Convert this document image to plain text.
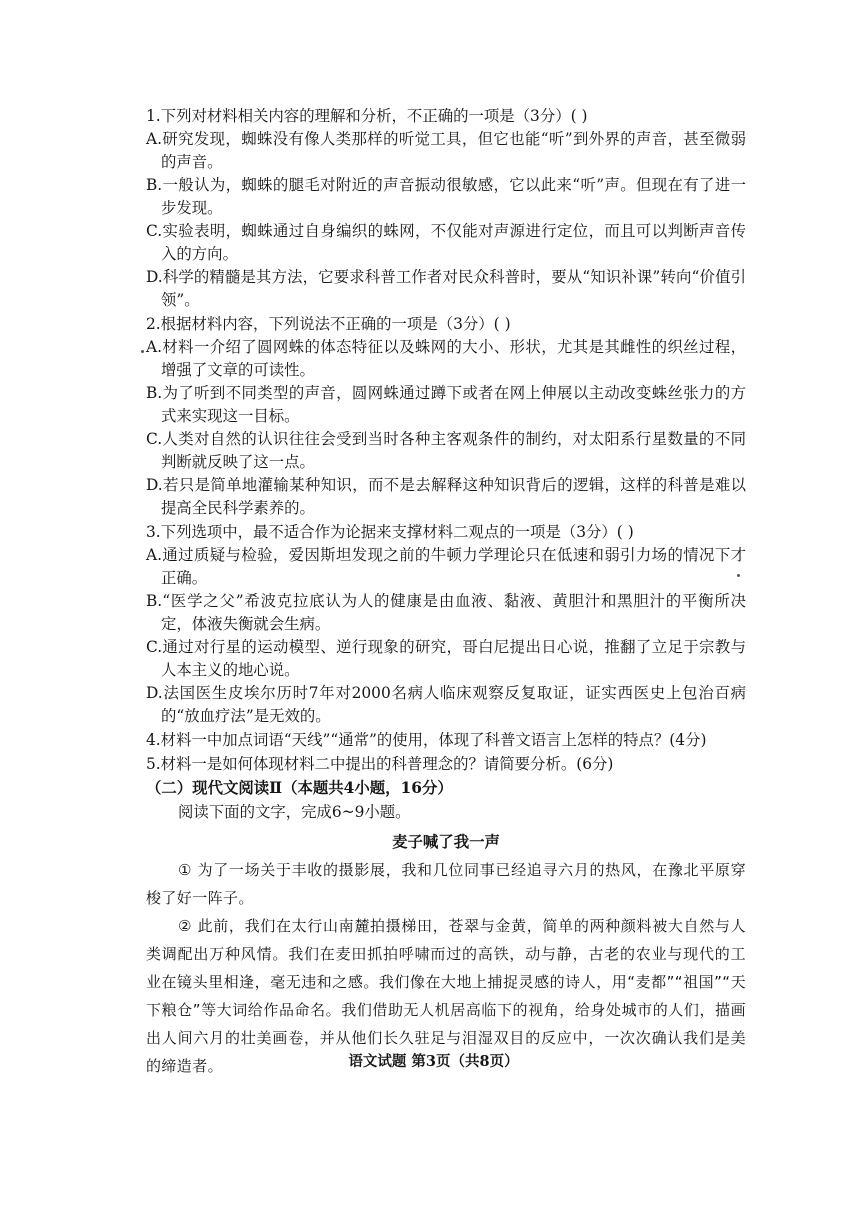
1.下列对材料相关内容的理解和分析，不正确的一项是（3分）( )
A.研究发现，蜘蛛没有像人类那样的听觉工具，但它也能“听”到外界的声音，甚至微弱的声音。
B.一般认为，蜘蛛的腿毛对附近的声音振动很敏感，它以此来“听”声。但现在有了进一步发现。
C.实验表明，蜘蛛通过自身编织的蛛网，不仅能对声源进行定位，而且可以判断声音传入的方向。
D.科学的精髓是其方法，它要求科普工作者对民众科普时，要从“知识补课”转向“价值引领”。
2.根据材料内容，下列说法不正确的一项是（3分）( )
A.材料一介绍了圆网蛛的体态特征以及蛛网的大小、形状，尤其是其雌性的织丝过程，增强了文章的可读性。
B.为了听到不同类型的声音，圆网蛛通过蹲下或者在网上伸展以主动改变蛛丝张力的方式来实现这一目标。
C.人类对自然的认识往往会受到当时各种主客观条件的制约，对太阳系行星数量的不同判断就反映了这一点。
D.若只是简单地灌输某种知识，而不是去解释这种知识背后的逻辑，这样的科普是难以提高全民科学素养的。
3.下列选项中，最不适合作为论据来支撑材料二观点的一项是（3分）( )
A.通过质疑与检验，爱因斯坦发现之前的牛顿力学理论只在低速和弱引力场的情况下才正确。
B.“医学之父”希波克拉底认为人的健康是由血液、黏液、黄胆汁和黑胆汁的平衡所决定，体液失衡就会生病。
C.通过对行星的运动模型、逆行现象的研究，哥白尼提出日心说，推翻了立足于宗教与人本主义的地心说。
D.法国医生皮埃尔历时7年对2000名病人临床观察反复取证，证实西医史上包治百病的“放血疗法”是无效的。
4.材料一中加点词语“天线”“通常”的使用，体现了科普文语言上怎样的特点？(4分)
5.材料一是如何体现材料二中提出的科普理念的？请简要分析。(6分)
（二）现代文阅读Ⅱ（本题共4小题，16分）
阅读下面的文字，完成6~9小题。
麦子喊了我一声
① 为了一场关于丰收的摄影展，我和几位同事已经追寻六月的热风，在豫北平原穿梭了好一阵子。
② 此前，我们在太行山南麓拍摄梯田，苍翠与金黄，简单的两种颜料被大自然与人类调配出万种风情。我们在麦田抓拍呼啸而过的高铁，动与静，古老的农业与现代的工业在镜头里相逢，毫无违和之感。我们像在大地上捕捉灵感的诗人，用“麦都”“祖国”“天下粮仓”等大词给作品命名。我们借助无人机居高临下的视角，给身处城市的人们，描画出人间六月的壮美画卷，并从他们长久驻足与泪湿双目的反应中，一次次确认我们是美的缔造者。	语文试题 第3页（共8页）
